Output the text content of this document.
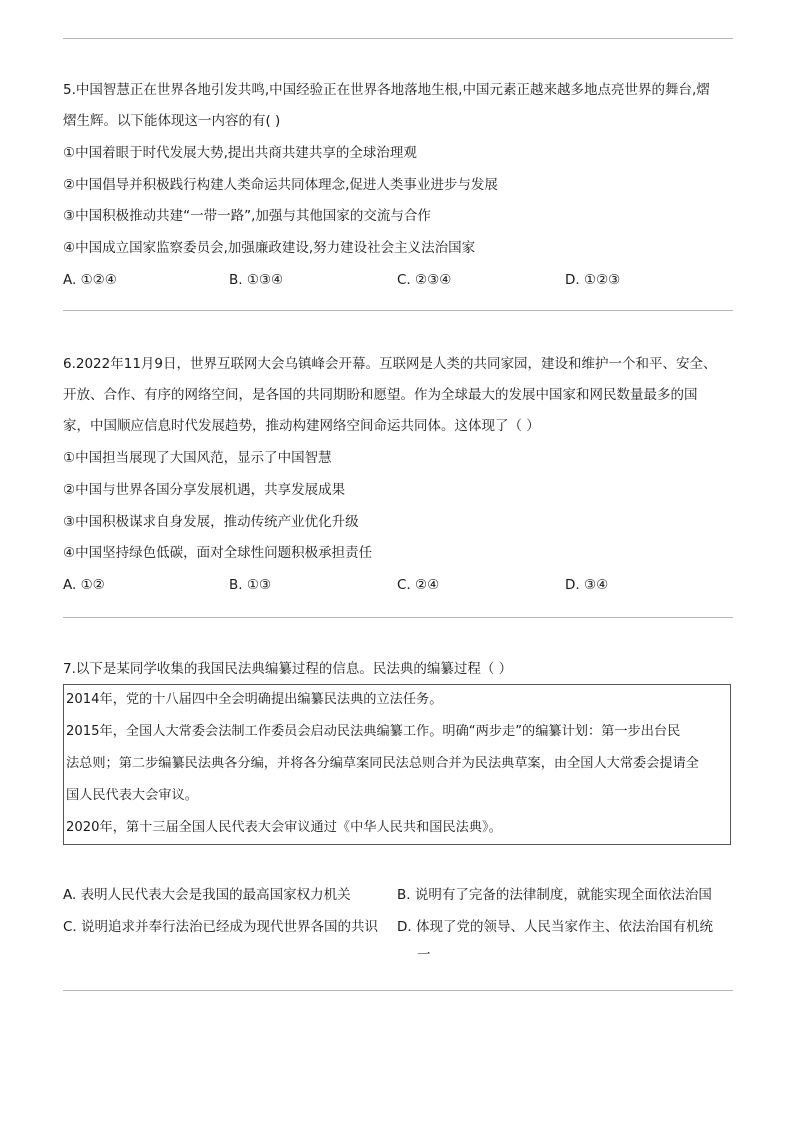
5.中国智慧正在世界各地引发共鸣,中国经验正在世界各地落地生根,中国元素正越来越多地点亮世界的舞台,熠
熠生辉。以下能体现这一内容的有( )
①中国着眼于时代发展大势,提出共商共建共享的全球治理观
②中国倡导并积极践行构建人类命运共同体理念,促进人类事业进步与发展
③中国积极推动共建“一带一路”,加强与其他国家的交流与合作
④中国成立国家监察委员会,加强廉政建设,努力建设社会主义法治国家
A. ①②④	B. ①③④	C. ②③④	D. ①②③
6.2022年11月9日，世界互联网大会乌镇峰会开幕。互联网是人类的共同家园，建设和维护一个和平、安全、
开放、合作、有序的网络空间，是各国的共同期盼和愿望。作为全球最大的发展中国家和网民数量最多的国
家，中国顺应信息时代发展趋势，推动构建网络空间命运共同体。这体现了（ ）
①中国担当展现了大国风范，显示了中国智慧
②中国与世界各国分享发展机遇，共享发展成果
③中国积极谋求自身发展，推动传统产业优化升级
④中国坚持绿色低碳，面对全球性问题积极承担责任
A. ①②	B. ①③	C. ②④	D. ③④
7.以下是某同学收集的我国民法典编纂过程的信息。民法典的编纂过程（ ）
2014年，党的十八届四中全会明确提出编纂民法典的立法任务。
2015年，全国人大常委会法制工作委员会启动民法典编纂工作。明确“两步走”的编纂计划：第一步出台民
法总则；第二步编纂民法典各分编，并将各分编草案同民法总则合并为民法典草案，由全国人大常委会提请全
国人民代表大会审议。
2020年，第十三届全国人民代表大会审议通过《中华人民共和国民法典》。
A. 表明人民代表大会是我国的最高国家权力机关	B. 说明有了完备的法律制度，就能实现全面依法治国
C. 说明追求并奉行法治已经成为现代世界各国的共识 D. 体现了党的领导、人民当家作主、依法治国有机统
一
